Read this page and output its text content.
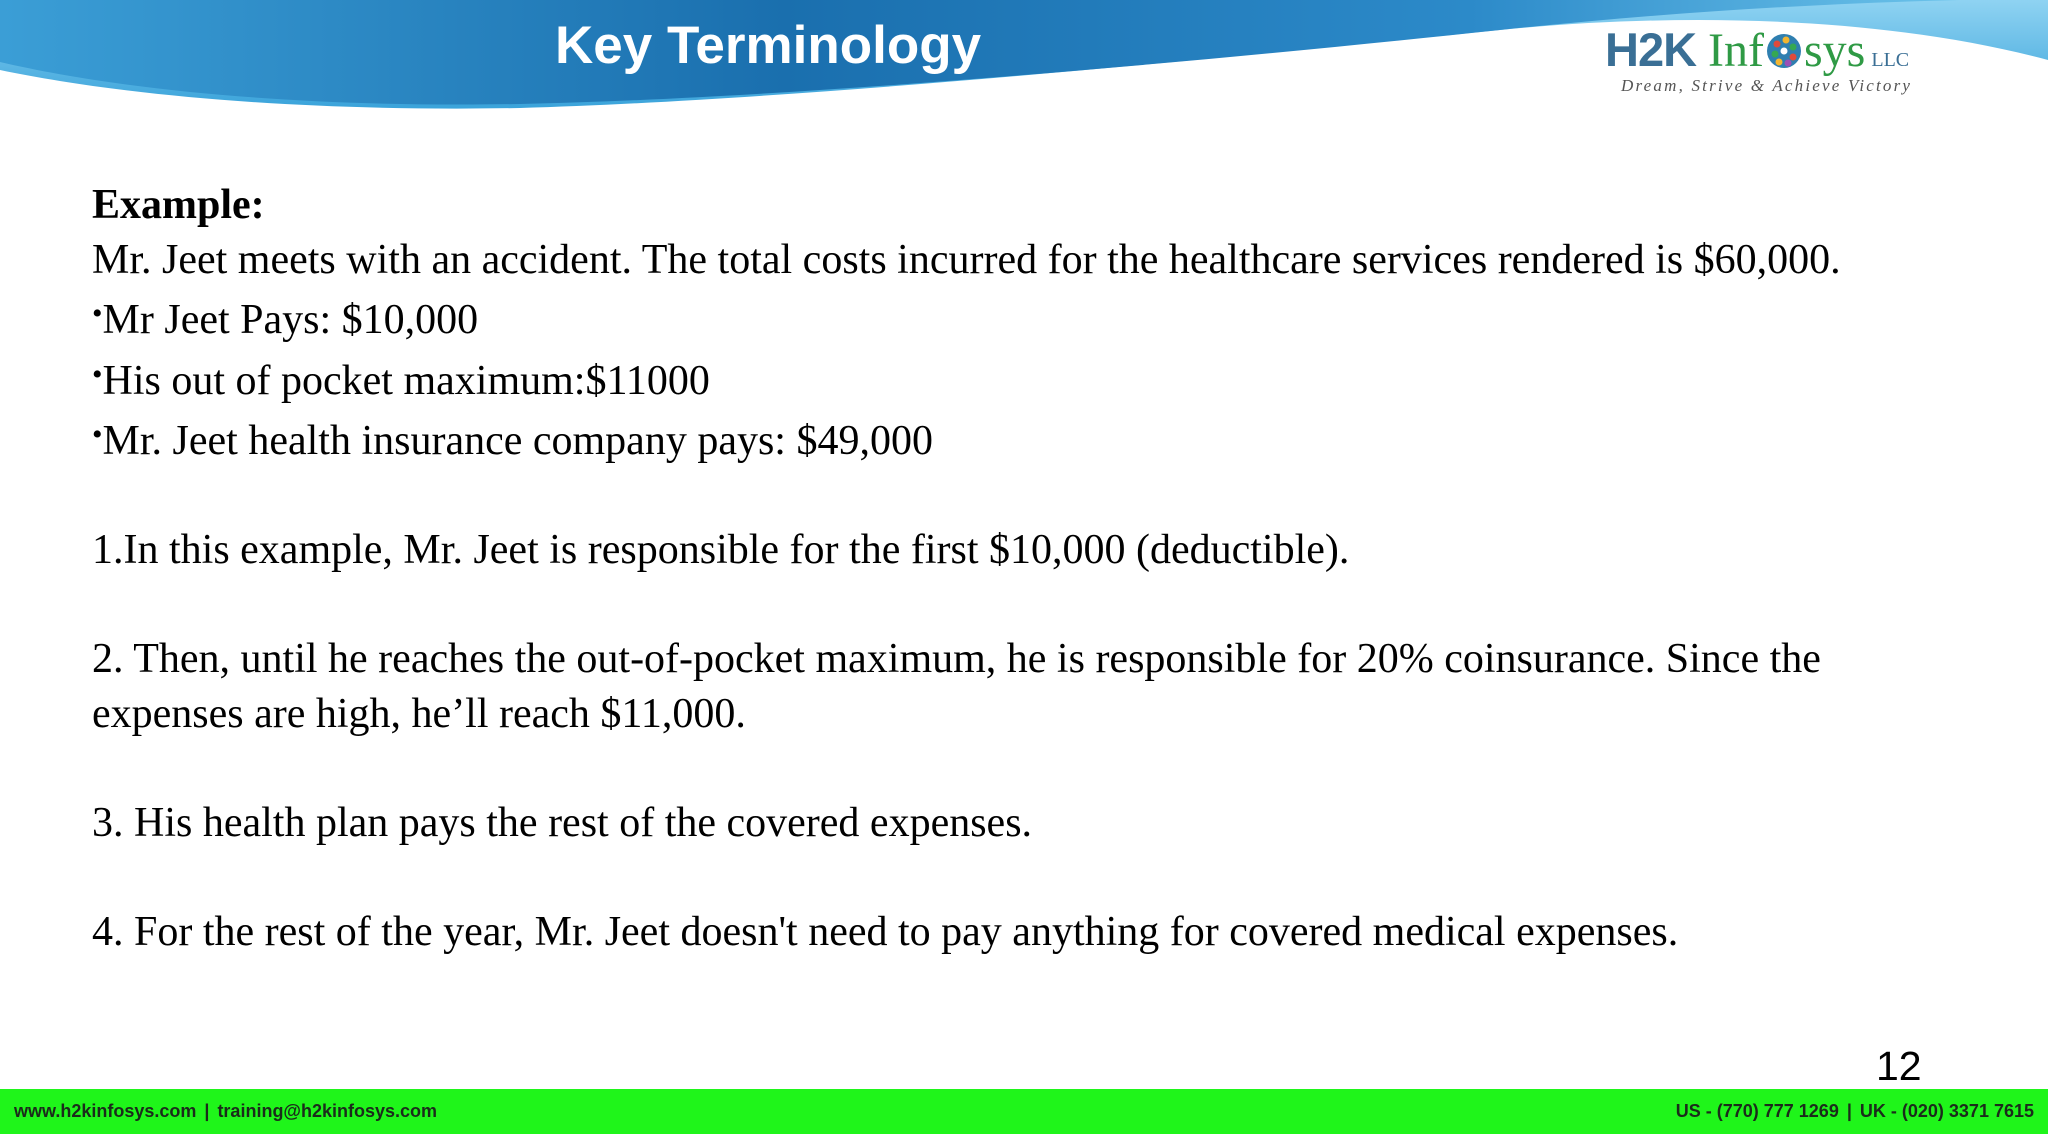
Key Terminology	H2K Inf sys LLC
Dream, Strive & Achieve Victory

Example:

Mr. Jeet meets with an accident. The total costs incurred for the healthcare services rendered is $60,000.

•Mr Jeet Pays: $10,000

•His out of pocket maximum:$11000

•Mr. Jeet health insurance company pays: $49,000

1.In this example, Mr. Jeet is responsible for the first $10,000 (deductible).

2. Then, until he reaches the out-of-pocket maximum, he is responsible for 20% coinsurance. Since the expenses are high, he’ll reach $11,000.

3. His health plan pays the rest of the covered expenses.

4. For the rest of the year, Mr. Jeet doesn't need to pay anything for covered medical expenses.

12
www.h2kinfosys.com | training@h2kinfosys.com	US - (770) 777 1269 | UK - (020) 3371 7615
